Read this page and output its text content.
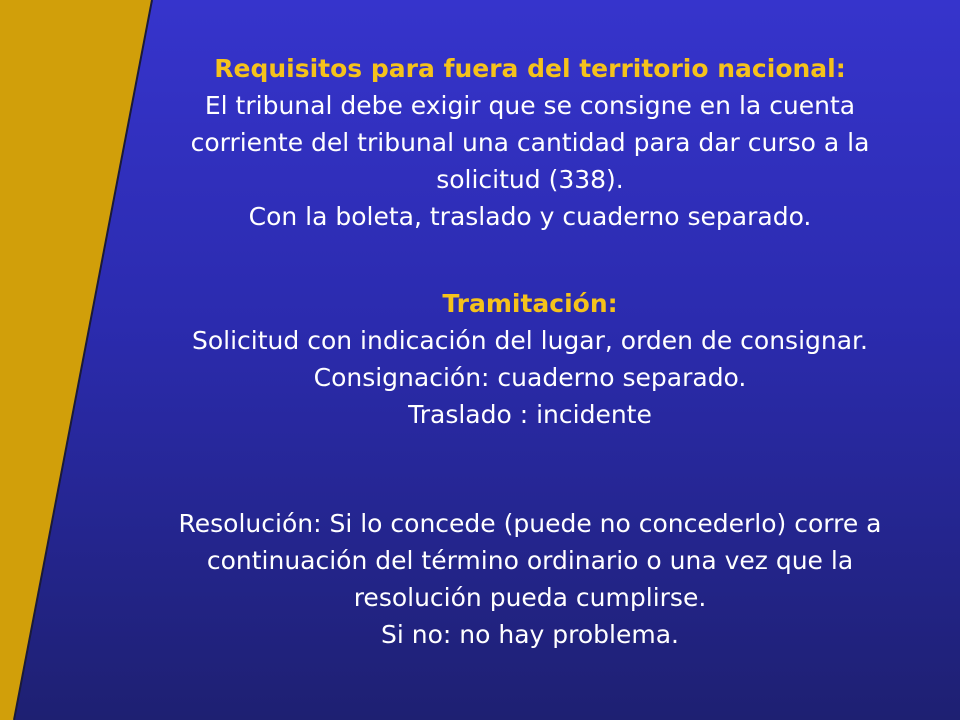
Requisitos para fuera del territorio nacional:
El tribunal debe exigir que se consigne en la cuenta
corriente del tribunal una cantidad para dar curso a la
solicitud (338).
Con la boleta, traslado y cuaderno separado.
Tramitación:
Solicitud con indicación del lugar, orden de consignar.
Consignación: cuaderno separado.
Traslado : incidente
Resolución: Si lo concede (puede no concederlo) corre a
continuación del término ordinario o una vez que la
resolución pueda cumplirse.
Si no: no hay problema.
